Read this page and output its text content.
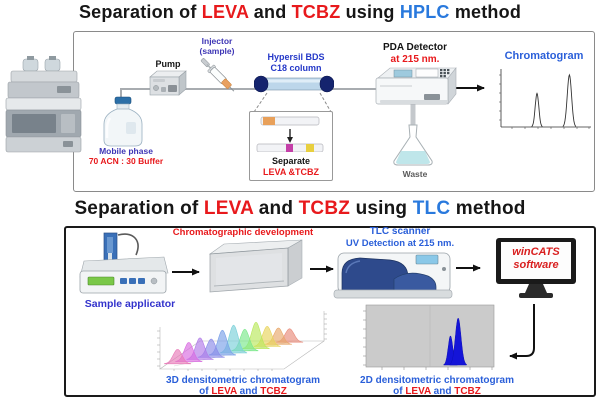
Separation of LEVA and TCBZ using HPLC method
Separation of LEVA and TCBZ using TLC method
Mobile phase
70 ACN : 30 Buffer
Pump
Injector
(sample)
Hypersil BDS
C18 column
Separate
LEVA &TCBZ
PDA Detector
at 215 nm.
Waste
Chromatogram
Sample applicator
Chromatographic development	TLC scanner
UV Detection at 215 nm.
winCATS
software
3D densitometric chromatogram
of LEVA and TCBZ
2D densitometric chromatogram
of LEVA and TCBZ
